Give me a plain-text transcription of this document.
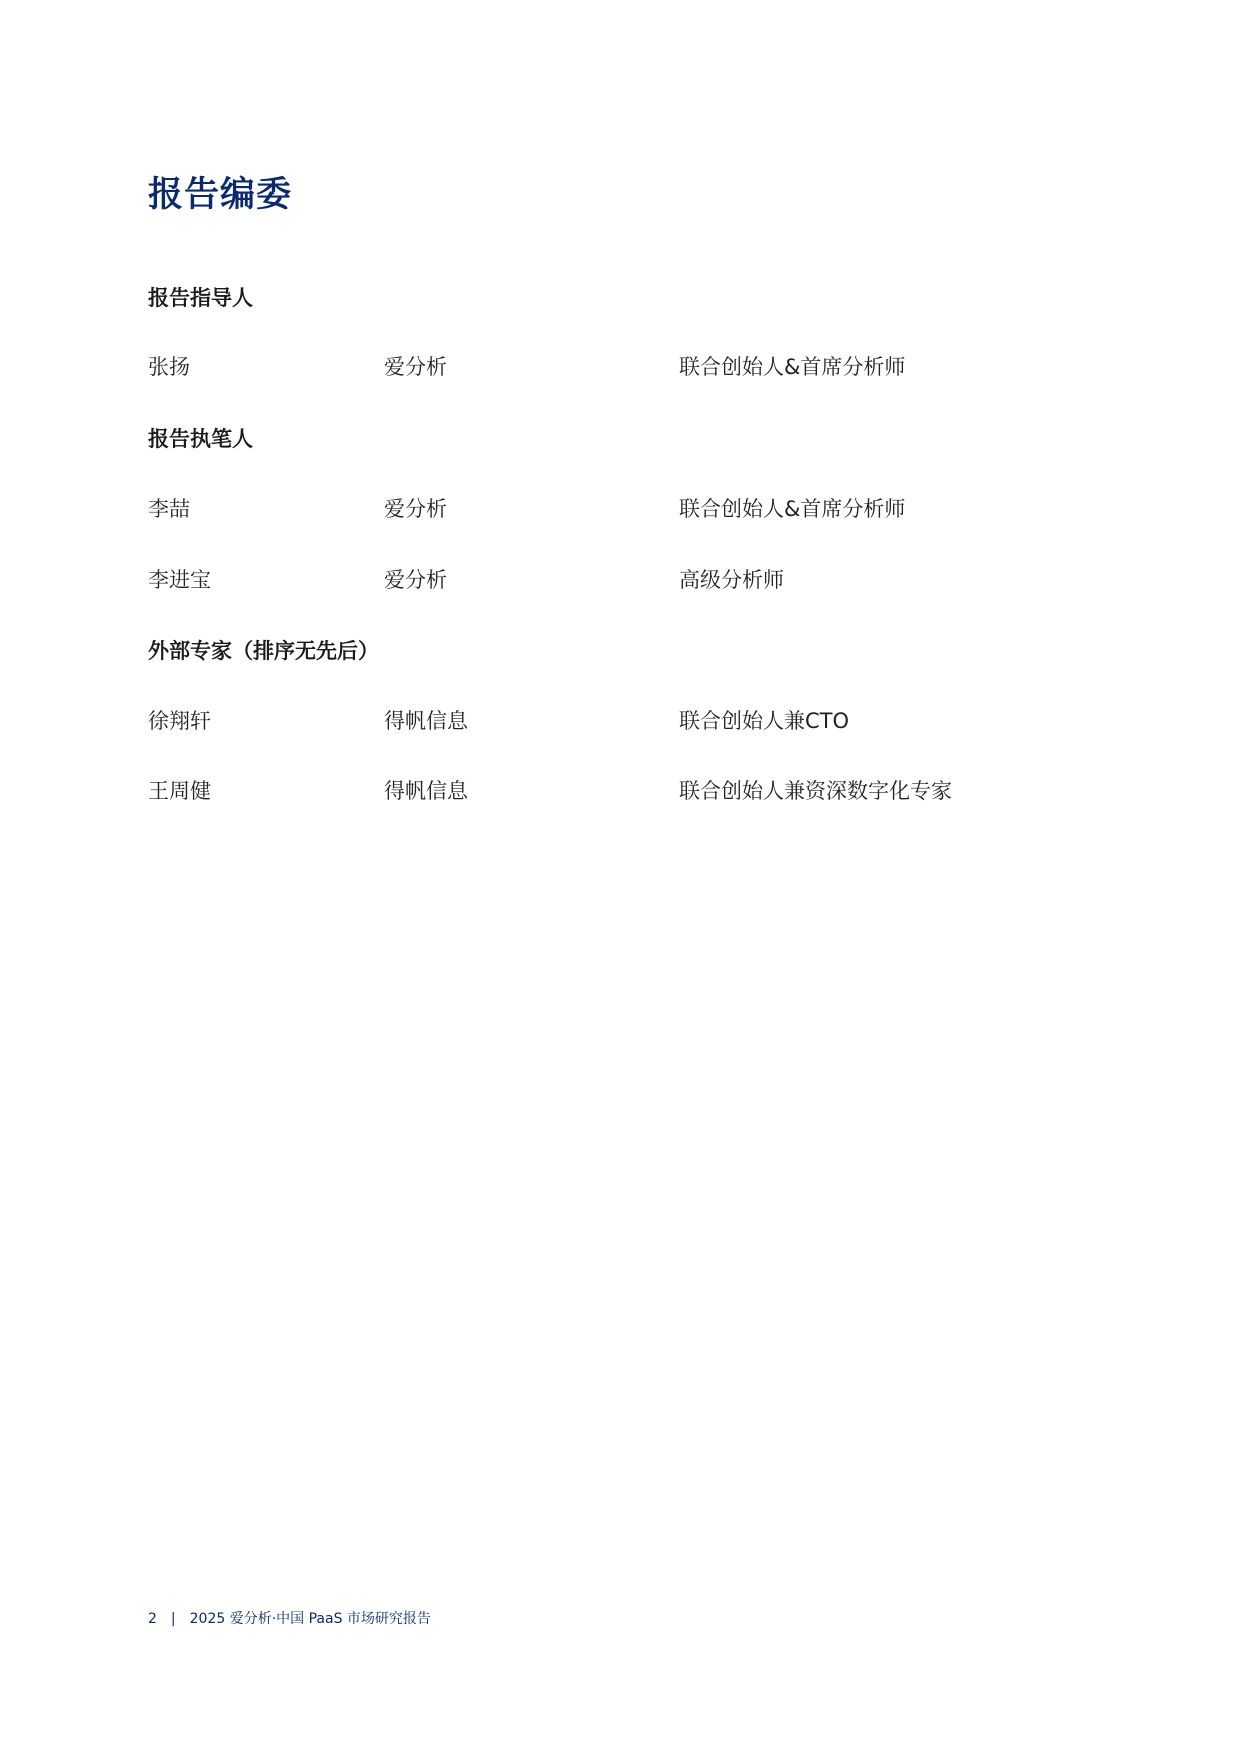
报告编委
报告指导人
张扬	爱分析	联合创始人&首席分析师
报告执笔人
李喆	爱分析	联合创始人&首席分析师
李进宝	爱分析	高级分析师
外部专家（排序无先后）
徐翔轩	得帆信息	联合创始人兼CTO
王周健	得帆信息	联合创始人兼资深数字化专家
2 | 2025 爱分析·中国 PaaS 市场研究报告
